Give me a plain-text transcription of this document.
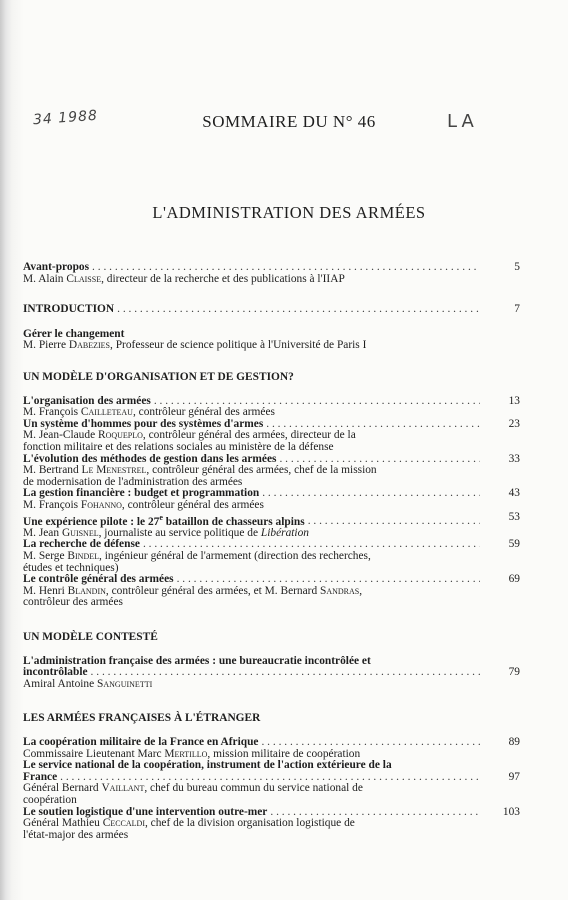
34 1988	LA
SOMMAIRE DU N° 46
L'ADMINISTRATION DES ARMÉES
Avant-propos . . .	5
M. Alain Claisse, directeur de la recherche et des publications à l'IIAP
INTRODUCTION . . .	7
Gérer le changement
M. Pierre Dabezies, Professeur de science politique à l'Université de Paris I
UN MODÈLE D'ORGANISATION ET DE GESTION?
L'organisation des armées . . .	13
M. François Cailleteau, contrôleur général des armées
Un système d'hommes pour des systèmes d'armes . . .	23
M. Jean-Claude Roqueplo, contrôleur général des armées, directeur de la
fonction militaire et des relations sociales au ministère de la défense
L'évolution des méthodes de gestion dans les armées . . .	33
M. Bertrand Le Menestrel, contrôleur général des armées, chef de la mission
de modernisation de l'administration des armées
La gestion financière : budget et programmation . . .	43
M. François Fohanno, contrôleur général des armées
Une expérience pilote : le 27e bataillon de chasseurs alpins . . .	53
M. Jean Guisnel, journaliste au service politique de Libération
La recherche de défense . . .	59
M. Serge Bindel, ingénieur général de l'armement (direction des recherches,
études et techniques)
Le contrôle général des armées . . .	69
M. Henri Blandin, contrôleur général des armées, et M. Bernard Sandras,
contrôleur des armées
UN MODÈLE CONTESTÉ
L'administration française des armées : une bureaucratie incontrôlée et
incontrôlable . . .	79
Amiral Antoine Sanguinetti
LES ARMÉES FRANÇAISES À L'ÉTRANGER
La coopération militaire de la France en Afrique . . .	89
Commissaire Lieutenant Marc Mertillo, mission militaire de coopération
Le service national de la coopération, instrument de l'action extérieure de la
France . . .	97
Général Bernard Vaillant, chef du bureau commun du service national de
coopération
Le soutien logistique d'une intervention outre-mer . . .	103
Général Mathieu Ceccaldi, chef de la division organisation logistique de
l'état-major des armées
